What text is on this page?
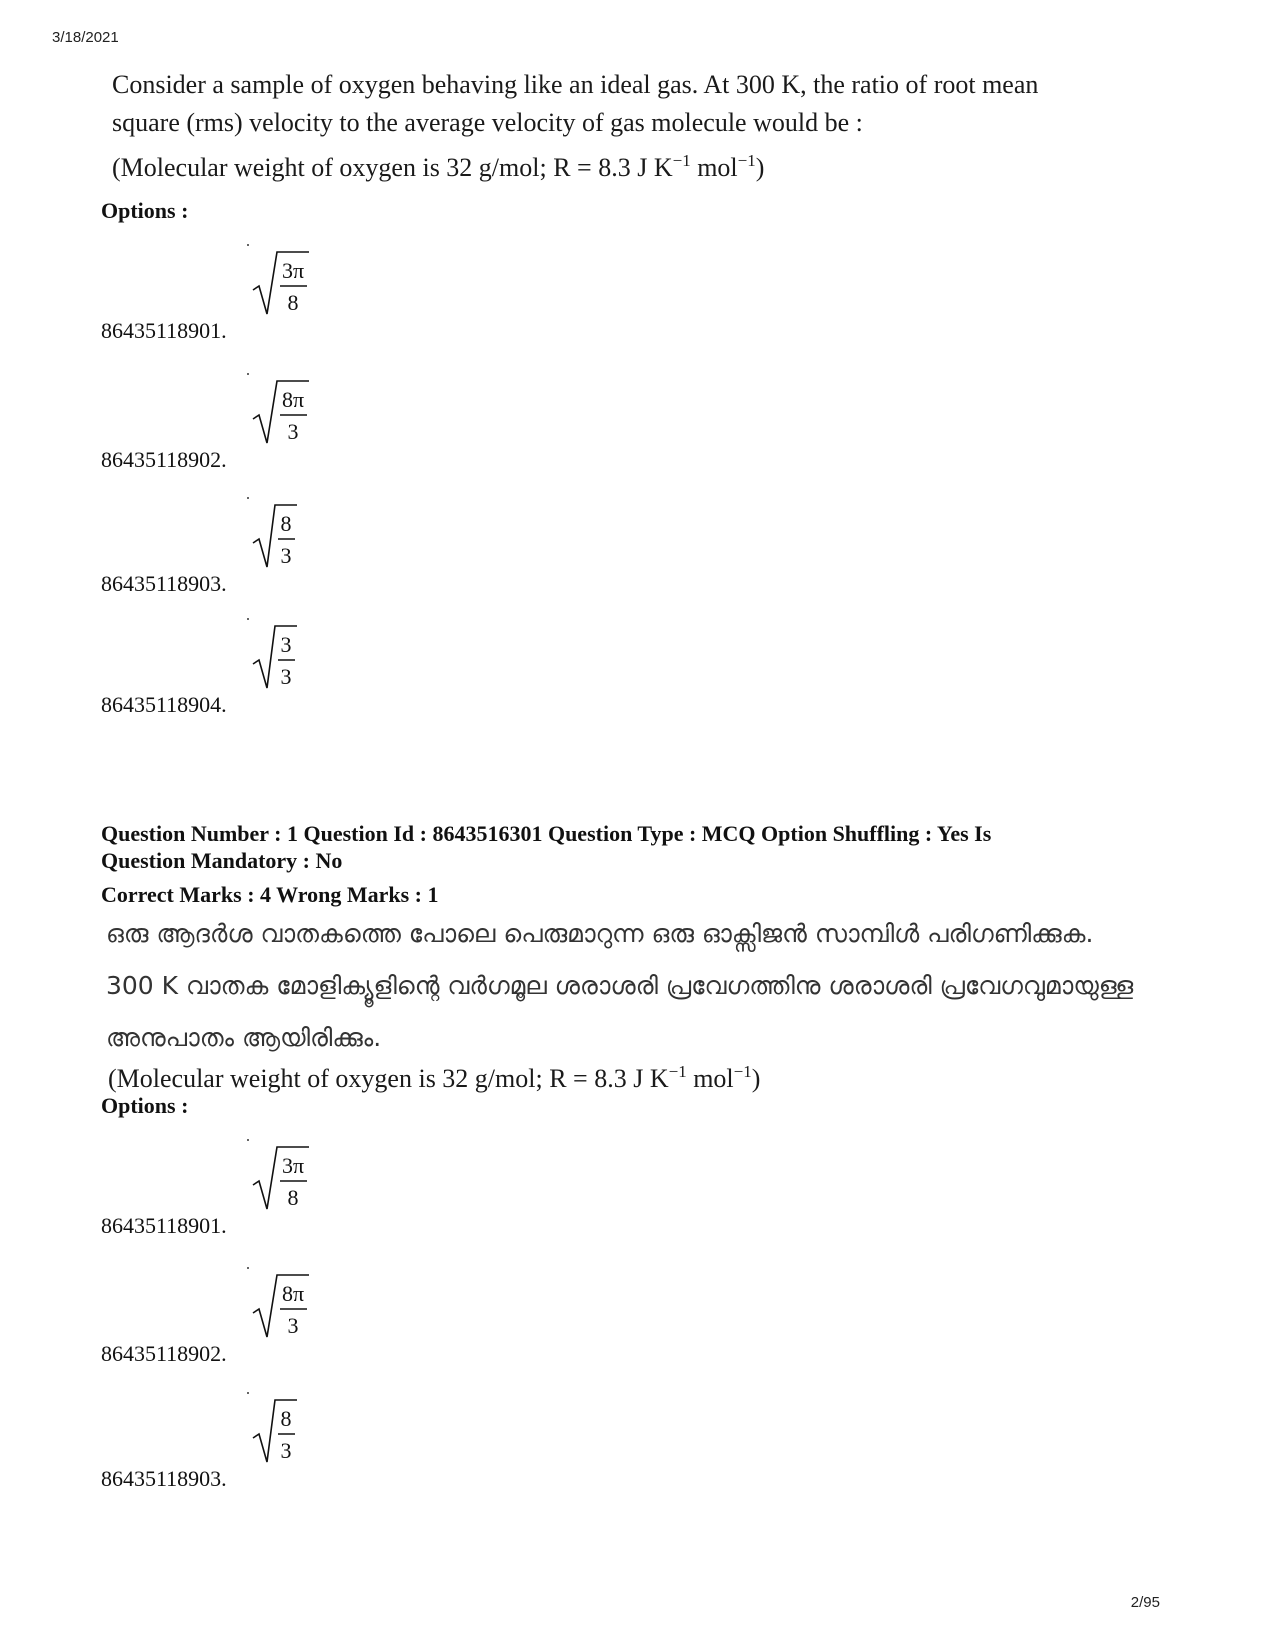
3/18/2021

Consider a sample of oxygen behaving like an ideal gas. At 300 K, the ratio of root mean

square (rms) velocity to the average velocity of gas molecule would be :

(Molecular weight of oxygen is 32 g/mol; R = 8.3 J $K^{-1}$ mol$^{-1}$)

Options :
3π
8
86435118901.
8π
3
86435118902.
8
3
86435118903.
3
3
86435118904.
Question Number : 1 Question Id : 8643516301 Question Type : MCQ Option Shuffling : Yes Is
Question Mandatory : No
Correct Marks : 4 Wrong Marks : 1

ഒരു ആദർശ വാതകത്തെ പോലെ പെരുമാറുന്ന ഒരു ഓക്സിജൻ സാമ്പിൾ പരിഗണിക്കുക.

300 K വാതക മോളിക്യൂളിന്റെ വർഗമൂല ശരാശരി പ്രവേഗത്തിനു ശരാശരി പ്രവേഗവുമായുള്ള

അനുപാതം ആയിരിക്കും.

(Molecular weight of oxygen is 32 g/mol; R = 8.3 J $K^{-1}$ mol$^{-1}$)

Options :
3π
8
86435118901.
8π
3
86435118902.
8
3
86435118903.
2/95
